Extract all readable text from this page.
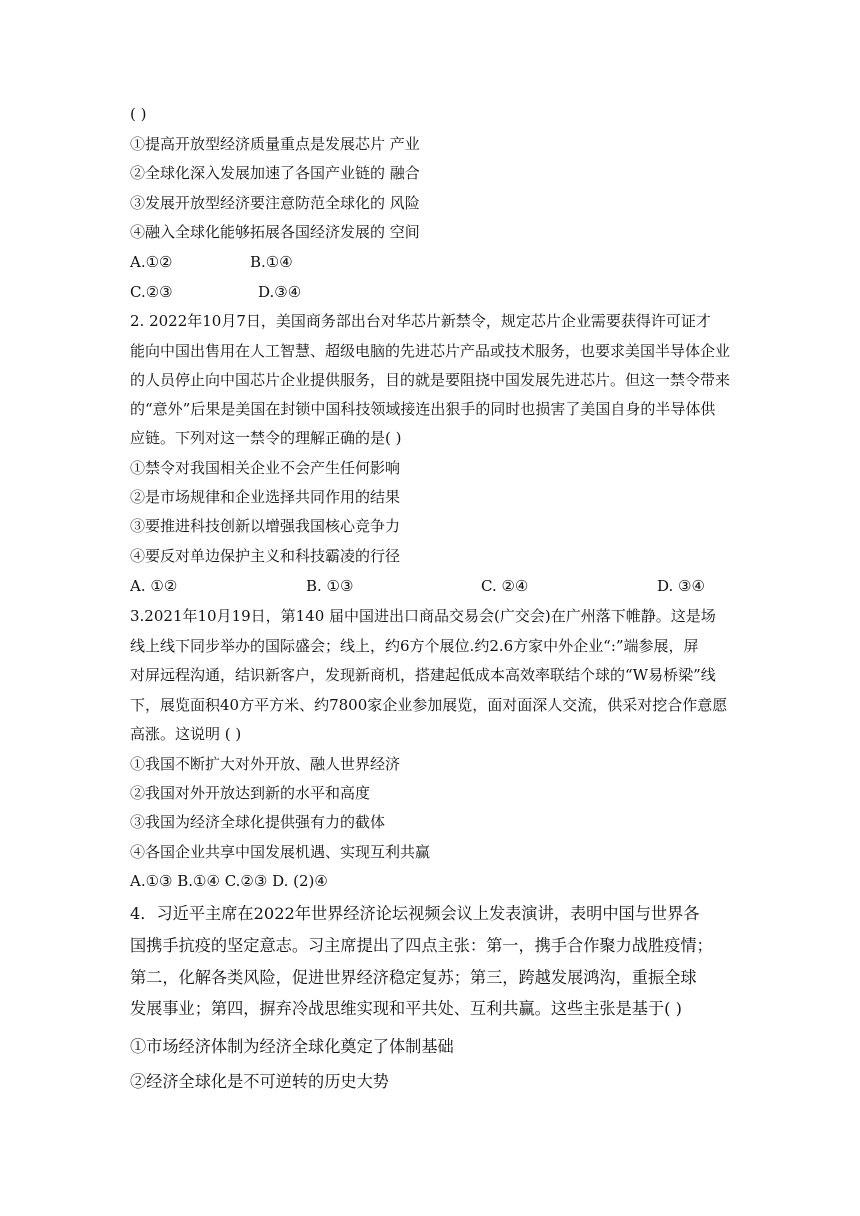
( )
①提高开放型经济质量重点是发展芯片 产业
②全球化深入发展加速了各国产业链的 融合
③发展开放型经济要注意防范全球化的 风险
④融入全球化能够拓展各国经济发展的 空间
A.①②	B.①④
C.②③	D.③④
2. 2022年10月7日，美国商务部出台对华芯片新禁令，规定芯片企业需要获得许可证才
能向中国出售用在人工智慧、超级电脑的先进芯片产品或技术服务，也要求美国半导体企业
的人员停止向中国芯片企业提供服务，目的就是要阻挠中国发展先进芯片。但这一禁令带来
的“意外”后果是美国在封锁中国科技领域接连出狠手的同时也损害了美国自身的半导体供
应链。下列对这一禁令的理解正确的是( )
①禁令对我国相关企业不会产生任何影响
②是市场规律和企业选择共同作用的结果
③要推进科技创新以增强我国核心竞争力
④要反对单边保护主义和科技霸凌的行径
A. ①②	B. ①③	C. ②④	D. ③④
3.2021年10月19日，第140 届中国进出口商品交易会(广交会)在广州落下帷静。这是场
线上线下同步举办的国际盛会；线上，约6方个展位.约2.6方家中外企业“:”端参展，屏
对屏远程沟通，结识新客户，发现新商机，搭建起低成本高效率联结个球的“W易桥梁”线
下，展览面积40方平方米、约7800家企业参加展览，面对面深人交流，供采对挖合作意愿
高涨。这说明 ( )
①我国不断扩大对外开放、融人世界经济
②我国对外开放达到新的水平和高度
③我国为经济全球化提供强有力的截体
④各国企业共享中国发展机遇、实现互利共赢
A.①③ B.①④ C.②③ D. (2)④
4．习近平主席在2022年世界经济论坛视频会议上发表演讲，表明中国与世界各
国携手抗疫的坚定意志。习主席提出了四点主张：第一，携手合作聚力战胜疫情；
第二，化解各类风险，促进世界经济稳定复苏；第三，跨越发展鸿沟，重振全球
发展事业；第四，摒弃冷战思维实现和平共处、互利共赢。这些主张是基于( )
①市场经济体制为经济全球化奠定了体制基础
②经济全球化是不可逆转的历史大势
